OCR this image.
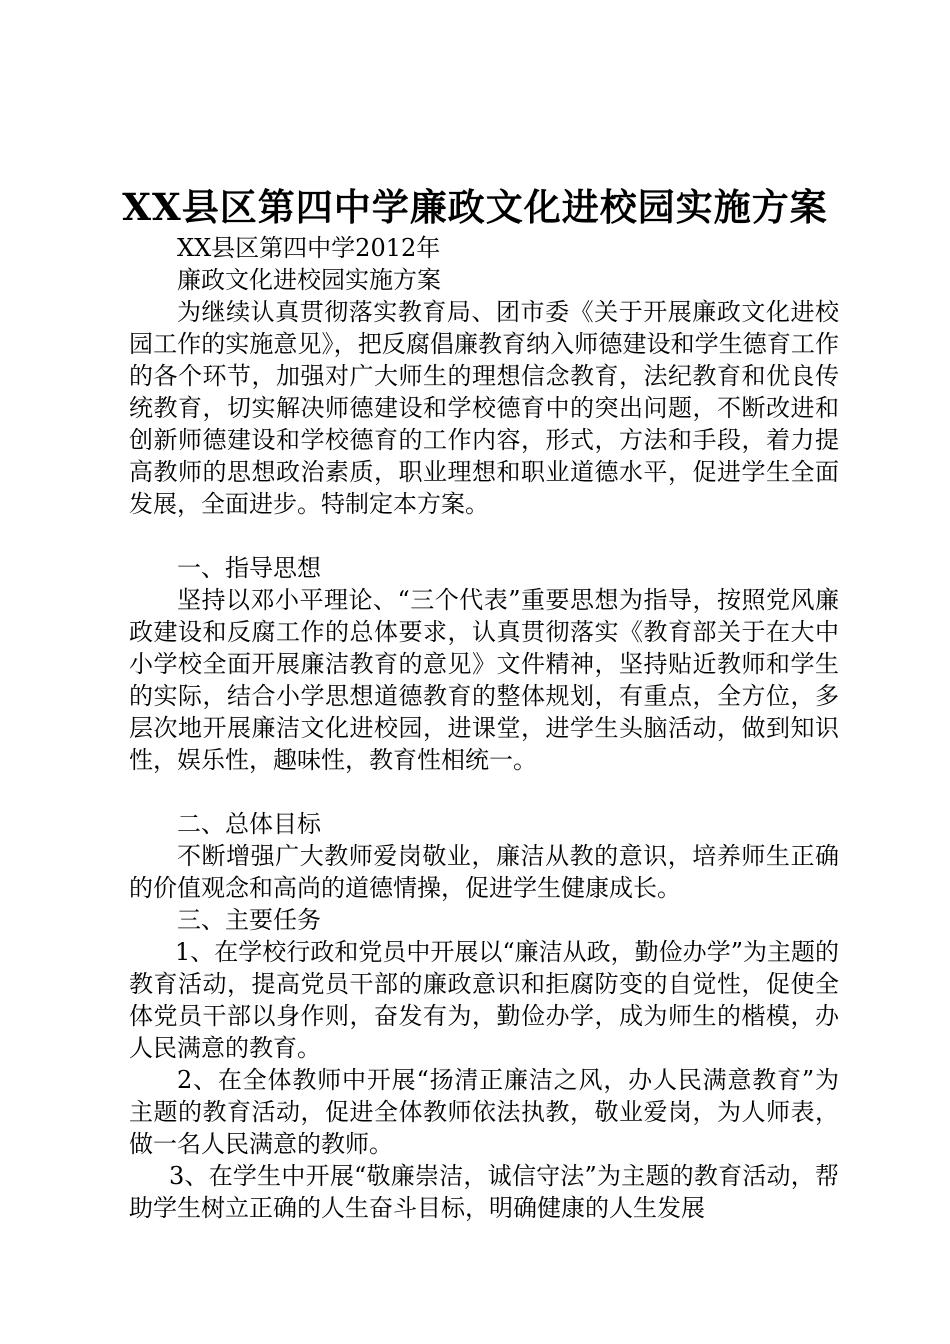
XX县区第四中学廉政文化进校园实施方案

XX县区第四中学2012年

廉政文化进校园实施方案

为继续认真贯彻落实教育局、团市委《关于开展廉政文化进校园工作的实施意见》，把反腐倡廉教育纳入师德建设和学生德育工作的各个环节，加强对广大师生的理想信念教育，法纪教育和优良传统教育，切实解决师德建设和学校德育中的突出问题，不断改进和创新师德建设和学校德育的工作内容，形式，方法和手段，着力提高教师的思想政治素质，职业理想和职业道德水平，促进学生全面发展，全面进步。特制定本方案。

一、指导思想

坚持以邓小平理论、“三个代表”重要思想为指导，按照党风廉政建设和反腐工作的总体要求，认真贯彻落实《教育部关于在大中小学校全面开展廉洁教育的意见》文件精神，坚持贴近教师和学生的实际，结合小学思想道德教育的整体规划，有重点，全方位，多层次地开展廉洁文化进校园，进课堂，进学生头脑活动，做到知识性，娱乐性，趣味性，教育性相统一。

二、总体目标

不断增强广大教师爱岗敬业，廉洁从教的意识，培养师生正确的价值观念和高尚的道德情操，促进学生健康成长。

三、主要任务

1、在学校行政和党员中开展以“廉洁从政，勤俭办学”为主题的教育活动，提高党员干部的廉政意识和拒腐防变的自觉性，促使全体党员干部以身作则，奋发有为，勤俭办学，成为师生的楷模，办人民满意的教育。

2、在全体教师中开展“扬清正廉洁之风，办人民满意教育”为主题的教育活动，促进全体教师依法执教，敬业爱岗，为人师表，做一名人民满意的教师。

3、在学生中开展“敬廉崇洁，诚信守法”为主题的教育活动，帮助学生树立正确的人生奋斗目标，明确健康的人生发展
